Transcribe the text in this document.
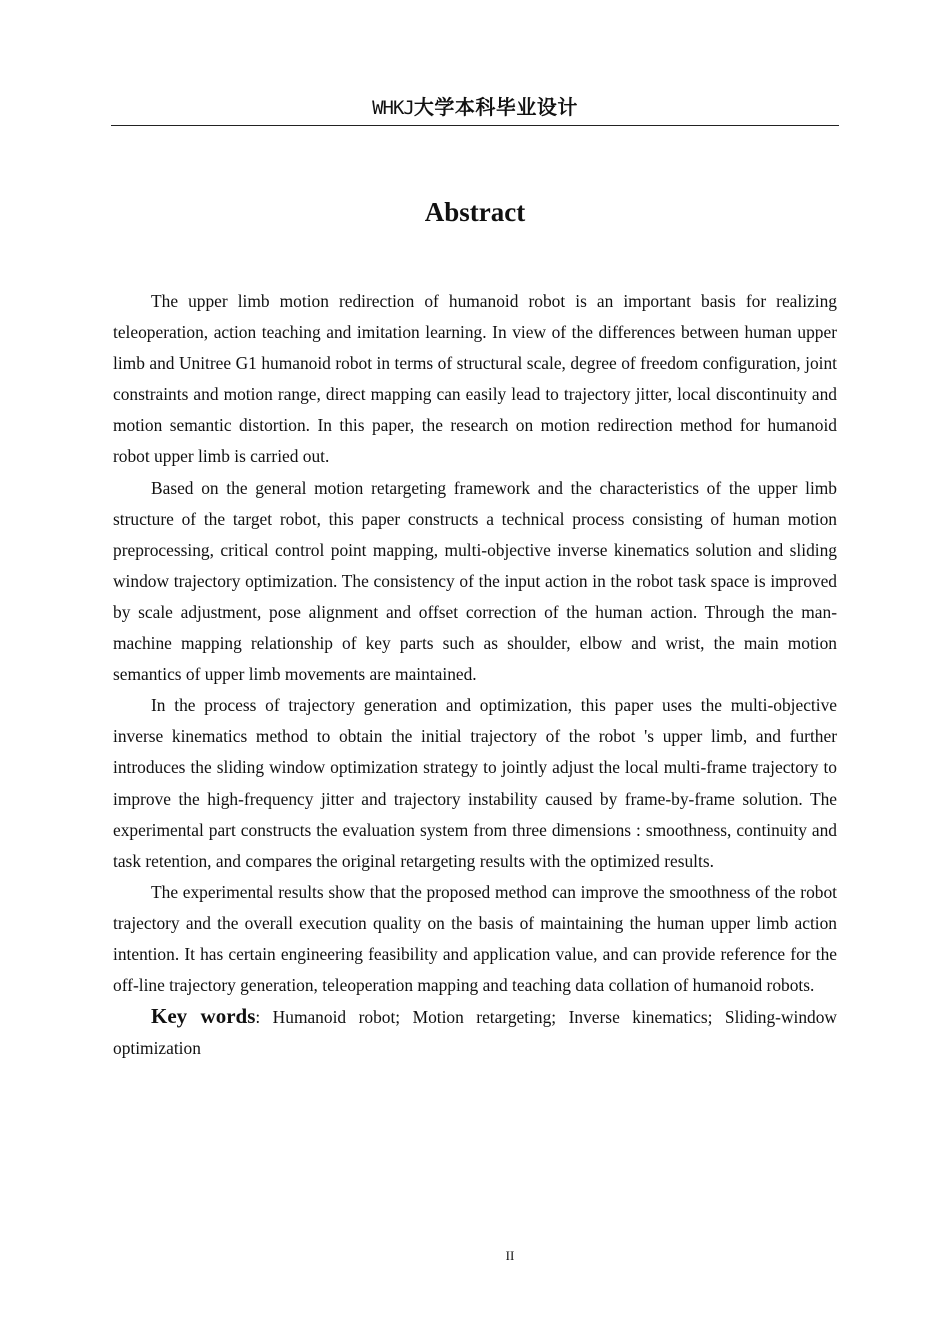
WHKJ大学本科毕业设计
Abstract

The upper limb motion redirection of humanoid robot is an important basis for realizing teleoperation, action teaching and imitation learning. In view of the differences between human upper limb and Unitree G1 humanoid robot in terms of structural scale, degree of freedom configuration, joint constraints and motion range, direct mapping can easily lead to trajectory jitter, local discontinuity and motion semantic distortion. In this paper, the research on motion redirection method for humanoid robot upper limb is carried out.

Based on the general motion retargeting framework and the characteristics of the upper limb structure of the target robot, this paper constructs a technical process consisting of human motion preprocessing, critical control point mapping, multi-objective inverse kinematics solution and sliding window trajectory optimization. The consistency of the input action in the robot task space is improved by scale adjustment, pose alignment and offset correction of the human action. Through the man-machine mapping relationship of key parts such as shoulder, elbow and wrist, the main motion semantics of upper limb movements are maintained.

In the process of trajectory generation and optimization, this paper uses the multi-objective inverse kinematics method to obtain the initial trajectory of the robot 's upper limb, and further introduces the sliding window optimization strategy to jointly adjust the local multi-frame trajectory to improve the high-frequency jitter and trajectory instability caused by frame-by-frame solution. The experimental part constructs the evaluation system from three dimensions : smoothness, continuity and task retention, and compares the original retargeting results with the optimized results.

The experimental results show that the proposed method can improve the smoothness of the robot trajectory and the overall execution quality on the basis of maintaining the human upper limb action intention. It has certain engineering feasibility and application value, and can provide reference for the off-line trajectory generation, teleoperation mapping and teaching data collation of humanoid robots.

Key words: Humanoid robot; Motion retargeting; Inverse kinematics; Sliding-window optimization

II
